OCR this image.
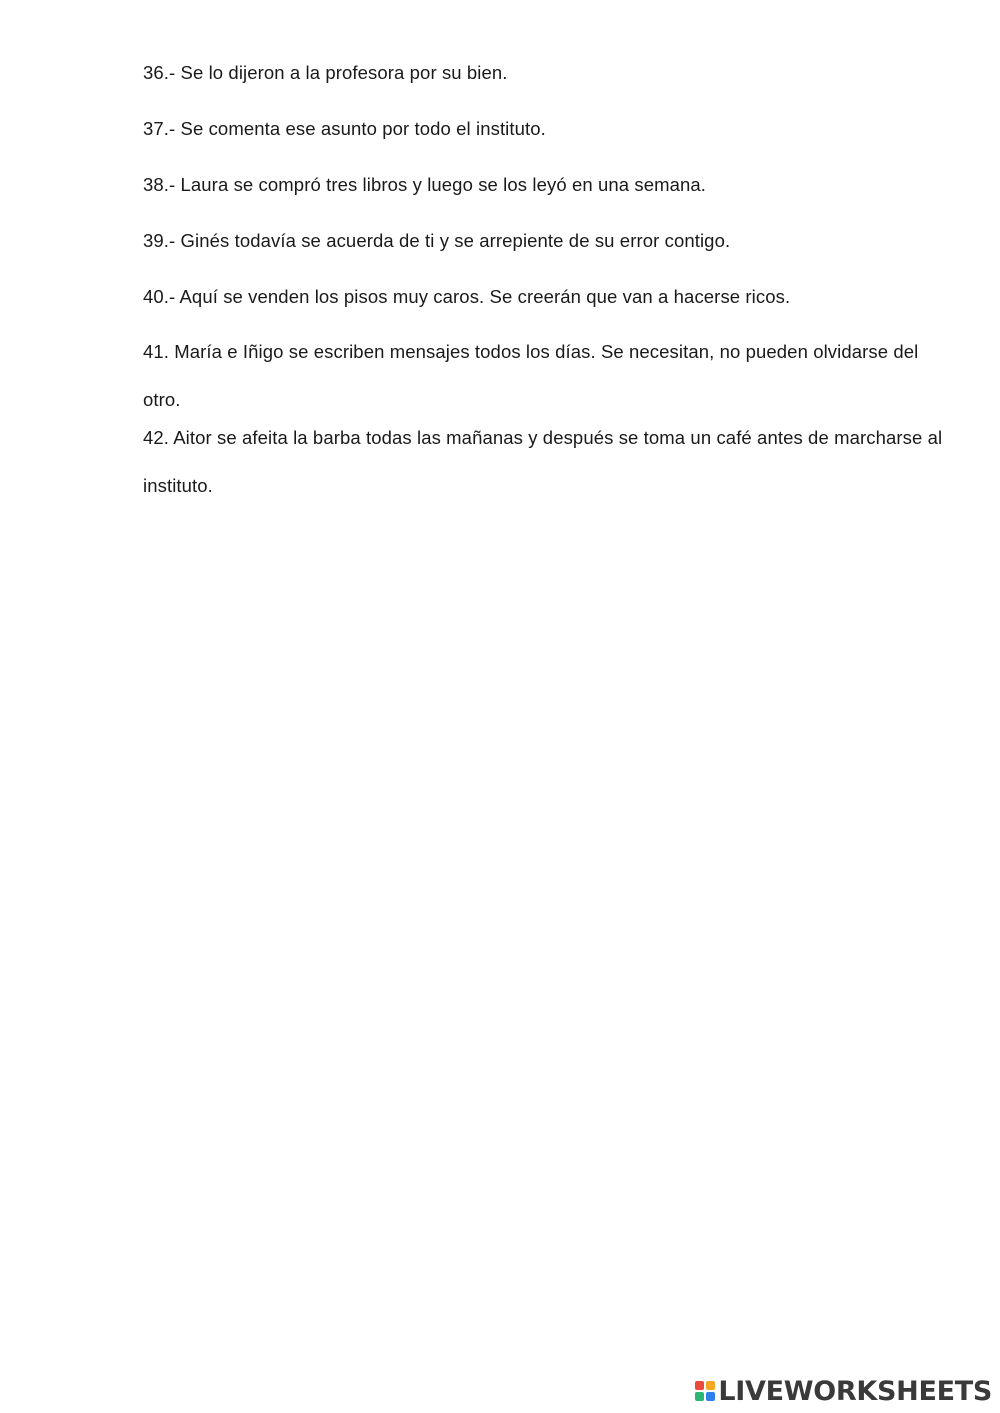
36.- Se lo dijeron a la profesora por su bien.

37.- Se comenta ese asunto por todo el instituto.

38.- Laura se compró tres libros y luego se los leyó en una semana.

39.- Ginés todavía se acuerda de ti y se arrepiente de su error contigo.

40.- Aquí se venden los pisos muy caros. Se creerán que van a hacerse ricos.

41. María e Iñigo se escriben mensajes todos los días. Se necesitan, no pueden olvidarse del otro.

42. Aitor se afeita la barba todas las mañanas y después se toma un café antes de marcharse al instituto.

LIVEWORKSHEETS
